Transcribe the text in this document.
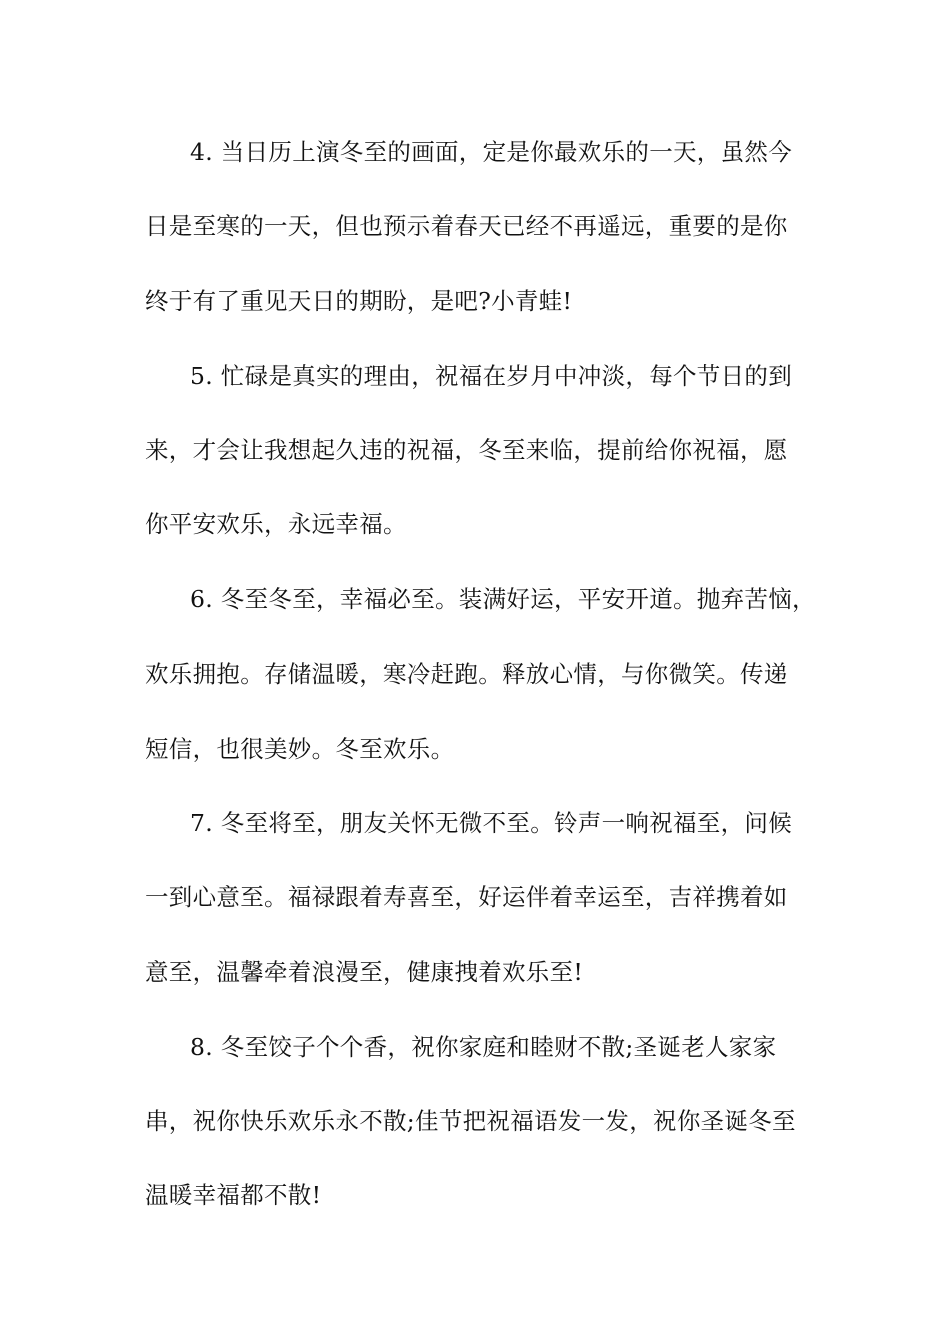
4. 当日历上演冬至的画面，定是你最欢乐的一天，虽然今
日是至寒的一天，但也预示着春天已经不再遥远，重要的是你
终于有了重见天日的期盼，是吧?小青蛙!
5. 忙碌是真实的理由，祝福在岁月中冲淡，每个节日的到
来，才会让我想起久违的祝福，冬至来临，提前给你祝福，愿
你平安欢乐，永远幸福。
6. 冬至冬至，幸福必至。装满好运，平安开道。抛弃苦恼，
欢乐拥抱。存储温暖，寒冷赶跑。释放心情，与你微笑。传递
短信，也很美妙。冬至欢乐。
7. 冬至将至，朋友关怀无微不至。铃声一响祝福至，问候
一到心意至。福禄跟着寿喜至，好运伴着幸运至，吉祥携着如
意至，温馨牵着浪漫至，健康拽着欢乐至!
8. 冬至饺子个个香，祝你家庭和睦财不散;圣诞老人家家
串，祝你快乐欢乐永不散;佳节把祝福语发一发，祝你圣诞冬至
温暖幸福都不散!
